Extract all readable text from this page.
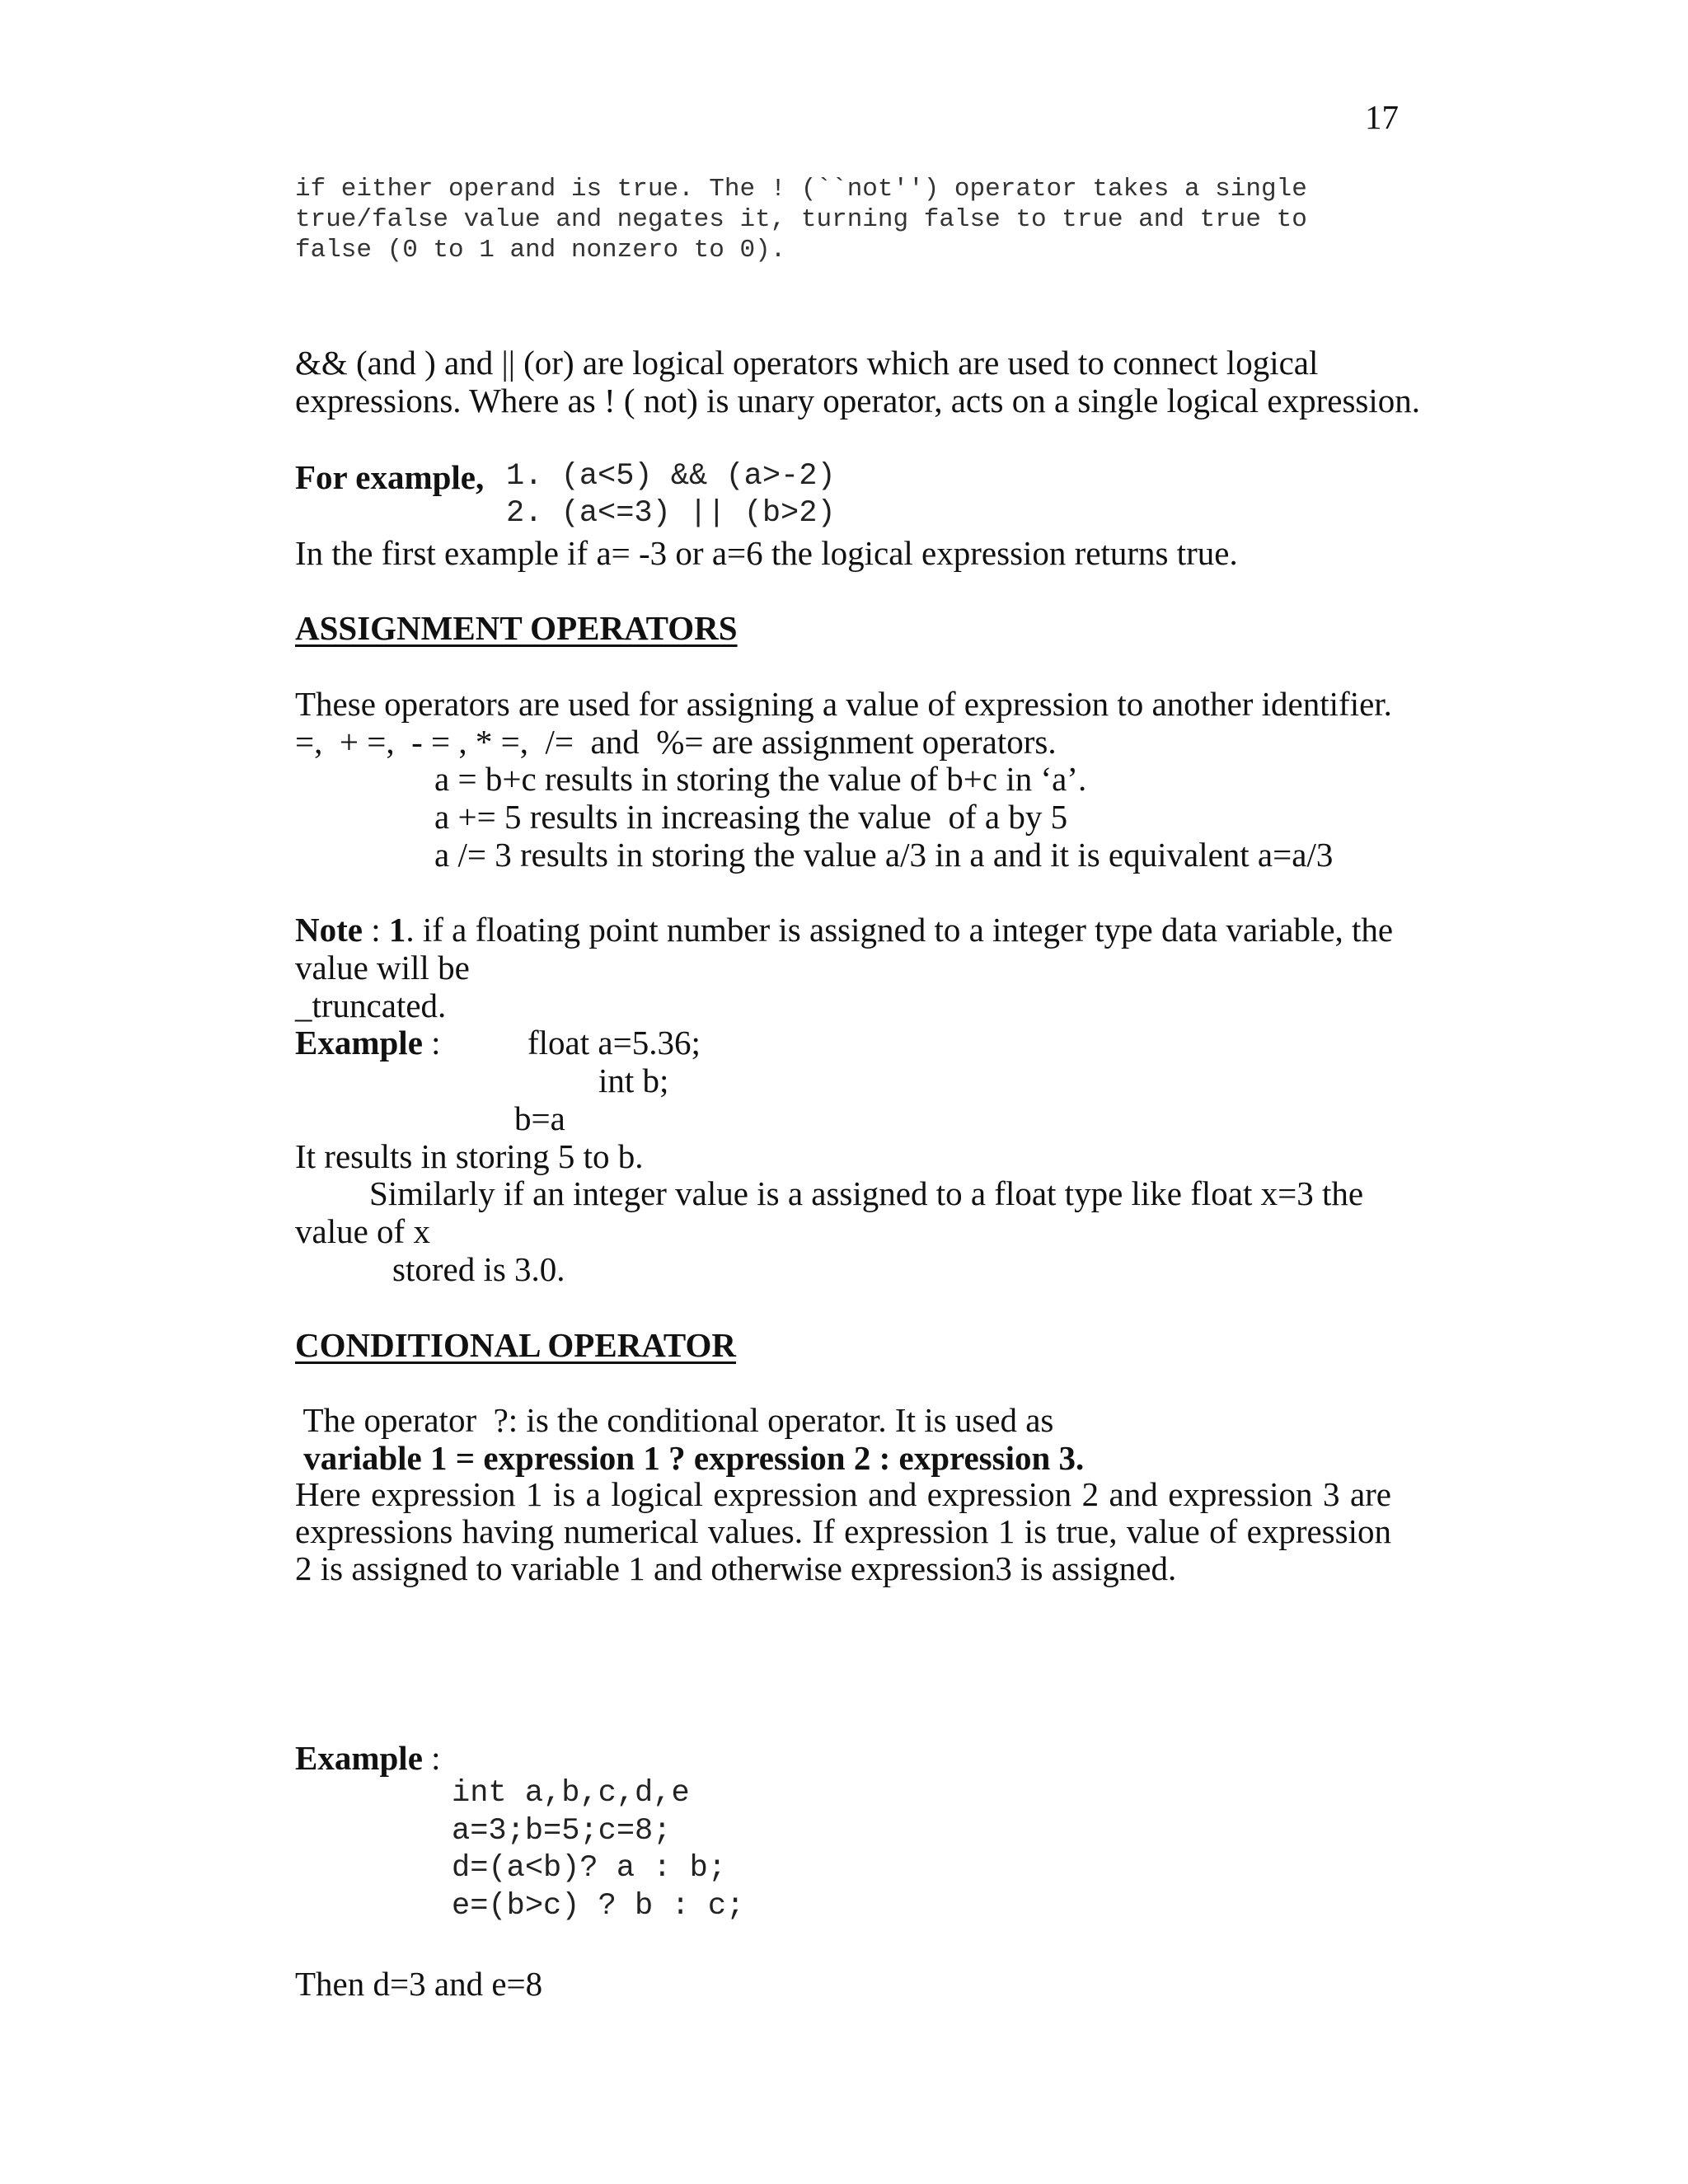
17
if either operand is true. The ! (``not'') operator takes a single
true/false value and negates it, turning false to true and true to
false (0 to 1 and nonzero to 0).
&& (and ) and || (or) are logical operators which are used to connect logical
expressions. Where as ! ( not) is unary operator, acts on a single logical expression.
For example, 1. (a<5) && (a>-2)
2. (a<=3) || (b>2)
In the first example if a= -3 or a=6 the logical expression returns true.
ASSIGNMENT OPERATORS
These operators are used for assigning a value of expression to another identifier.
=,  + =,  - = , * =,  /=  and  %= are assignment operators.
a = b+c results in storing the value of b+c in ‘a’.
a += 5 results in increasing the value  of a by 5
a /= 3 results in storing the value a/3 in a and it is equivalent a=a/3
Note : 1. if a floating point number is assigned to a integer type data variable, the
value will be
_truncated.
Example :	float a=5.36;
int b;
b=a
It results in storing 5 to b.
Similarly if an integer value is a assigned to a float type like float x=3 the
value of x
stored is 3.0.
CONDITIONAL OPERATOR
The operator  ?: is the conditional operator. It is used as
variable 1 = expression 1 ? expression 2 : expression 3.
Here expression 1 is a logical expression and expression 2 and expression 3 are expressions having numerical values. If expression 1 is true, value of expression 2 is assigned to variable 1 and otherwise expression3 is assigned.
Example :
int a,b,c,d,e
a=3;b=5;c=8;
d=(a<b)? a : b;
e=(b>c) ? b : c;
Then d=3 and e=8
